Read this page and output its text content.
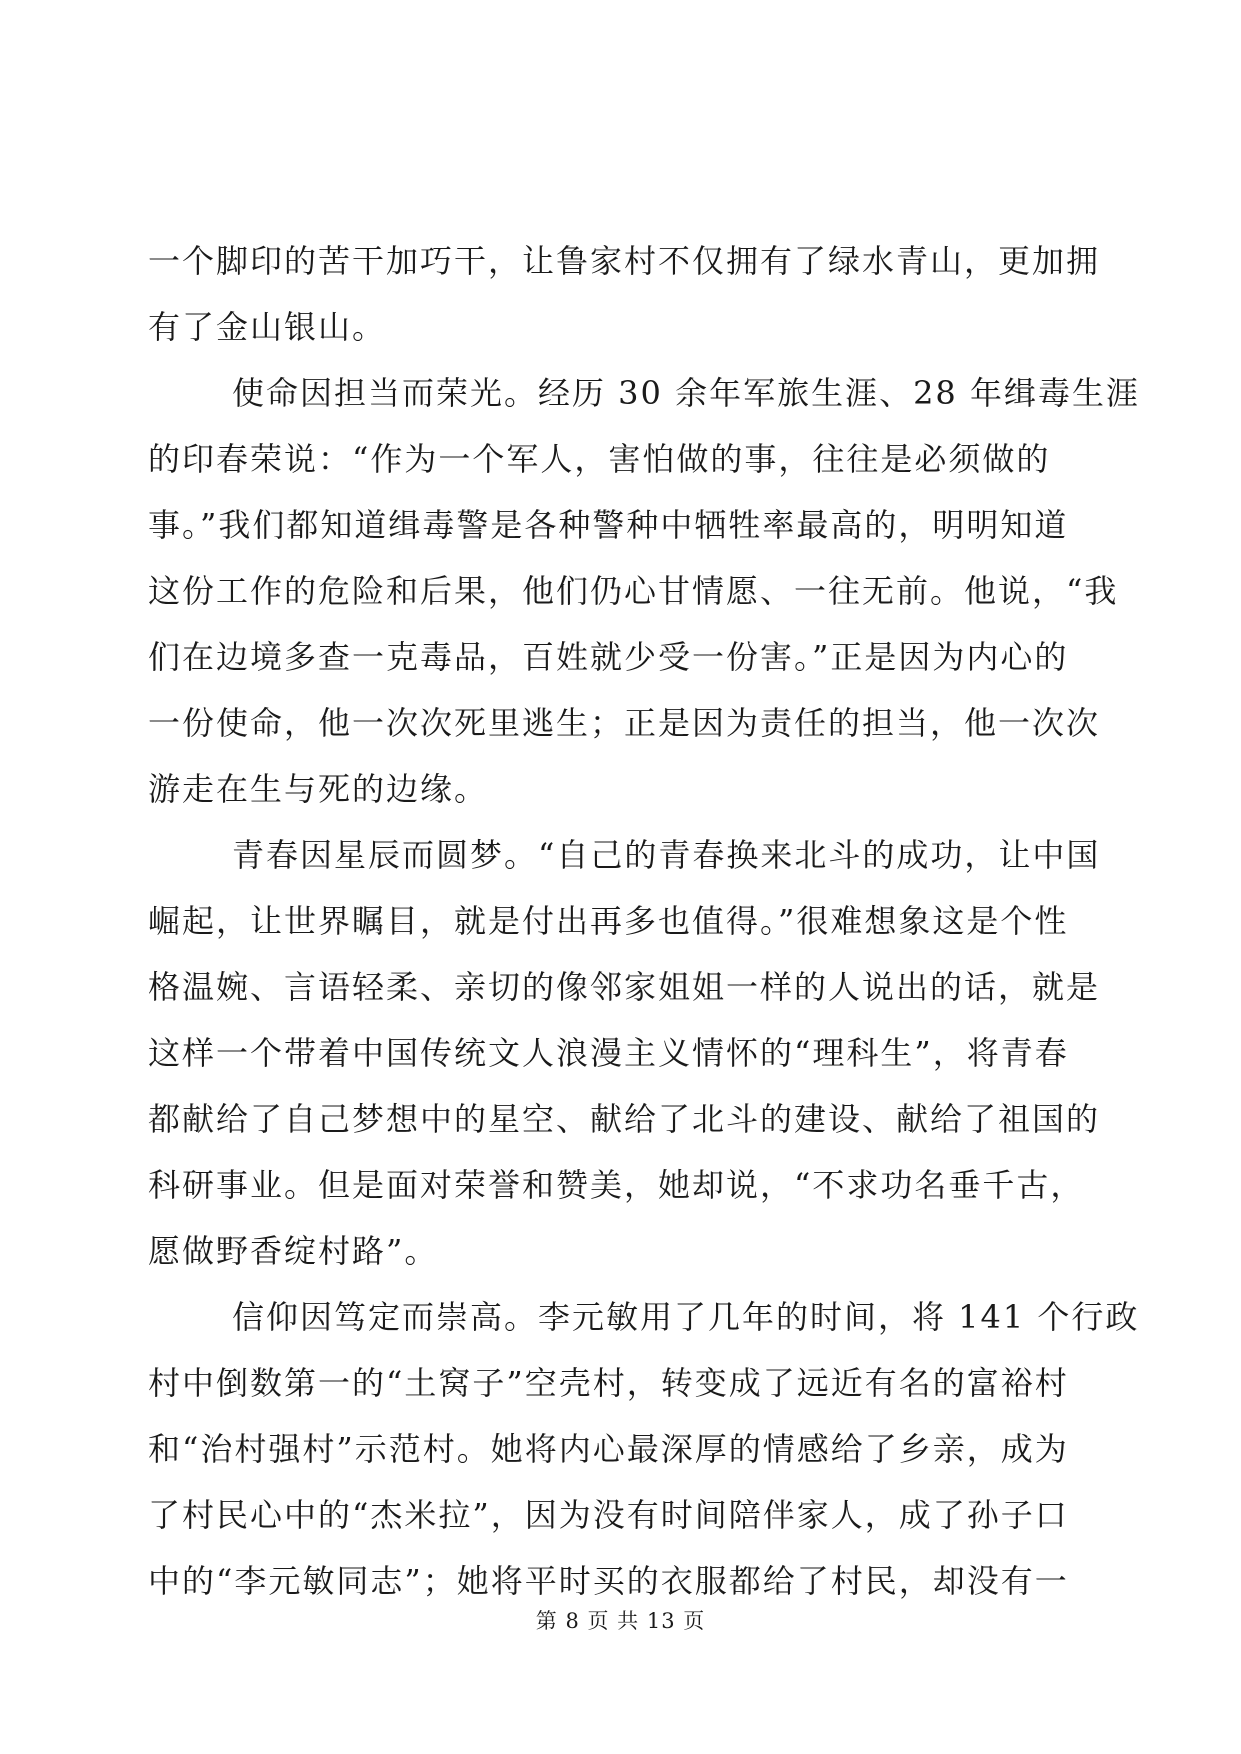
一个脚印的苦干加巧干，让鲁家村不仅拥有了绿水青山，更加拥
有了金山银山。

使命因担当而荣光。经历 30 余年军旅生涯、28 年缉毒生涯
的印春荣说：“作为一个军人，害怕做的事，往往是必须做的
事。”我们都知道缉毒警是各种警种中牺牲率最高的，明明知道
这份工作的危险和后果，他们仍心甘情愿、一往无前。他说，“我
们在边境多查一克毒品，百姓就少受一份害。”正是因为内心的
一份使命，他一次次死里逃生；正是因为责任的担当，他一次次
游走在生与死的边缘。

青春因星辰而圆梦。“自己的青春换来北斗的成功，让中国
崛起，让世界瞩目，就是付出再多也值得。”很难想象这是个性
格温婉、言语轻柔、亲切的像邻家姐姐一样的人说出的话，就是
这样一个带着中国传统文人浪漫主义情怀的“理科生”，将青春
都献给了自己梦想中的星空、献给了北斗的建设、献给了祖国的
科研事业。但是面对荣誉和赞美，她却说，“不求功名垂千古，
愿做野香绽村路”。

信仰因笃定而崇高。李元敏用了几年的时间，将 141 个行政
村中倒数第一的“土窝子”空壳村，转变成了远近有名的富裕村
和“治村强村”示范村。她将内心最深厚的情感给了乡亲，成为
了村民心中的“杰米拉”，因为没有时间陪伴家人，成了孙子口
中的“李元敏同志”；她将平时买的衣服都给了村民，却没有一

第 8 页 共 13 页
